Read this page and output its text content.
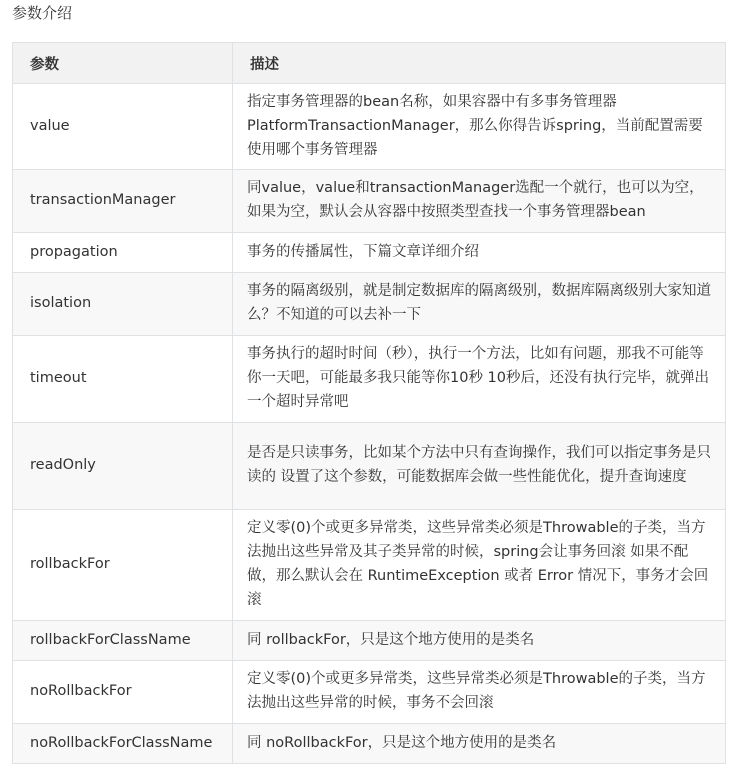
参数介绍
参数	描述
value	指定事务管理器的bean名称，如果容器中有多事务管理器PlatformTransactionManager，那么你得告诉spring，当前配置需要使用哪个事务管理器
transactionManager	同value，value和transactionManager选配一个就行，也可以为空，如果为空，默认会从容器中按照类型查找一个事务管理器bean
propagation	事务的传播属性，下篇文章详细介绍
isolation	事务的隔离级别，就是制定数据库的隔离级别，数据库隔离级别大家知道么？不知道的可以去补一下
timeout	事务执行的超时时间（秒），执行一个方法，比如有问题，那我不可能等你一天吧，可能最多我只能等你10秒 10秒后，还没有执行完毕，就弹出一个超时异常吧
readOnly	是否是只读事务，比如某个方法中只有查询操作，我们可以指定事务是只读的 设置了这个参数，可能数据库会做一些性能优化，提升查询速度
rollbackFor	定义零(0)个或更多异常类，这些异常类必须是Throwable的子类，当方法抛出这些异常及其子类异常的时候，spring会让事务回滚 如果不配做，那么默认会在 RuntimeException 或者 Error 情况下，事务才会回滚
rollbackForClassName	同 rollbackFor，只是这个地方使用的是类名
noRollbackFor	定义零(0)个或更多异常类，这些异常类必须是Throwable的子类，当方法抛出这些异常的时候，事务不会回滚
noRollbackForClassName	同 noRollbackFor，只是这个地方使用的是类名
